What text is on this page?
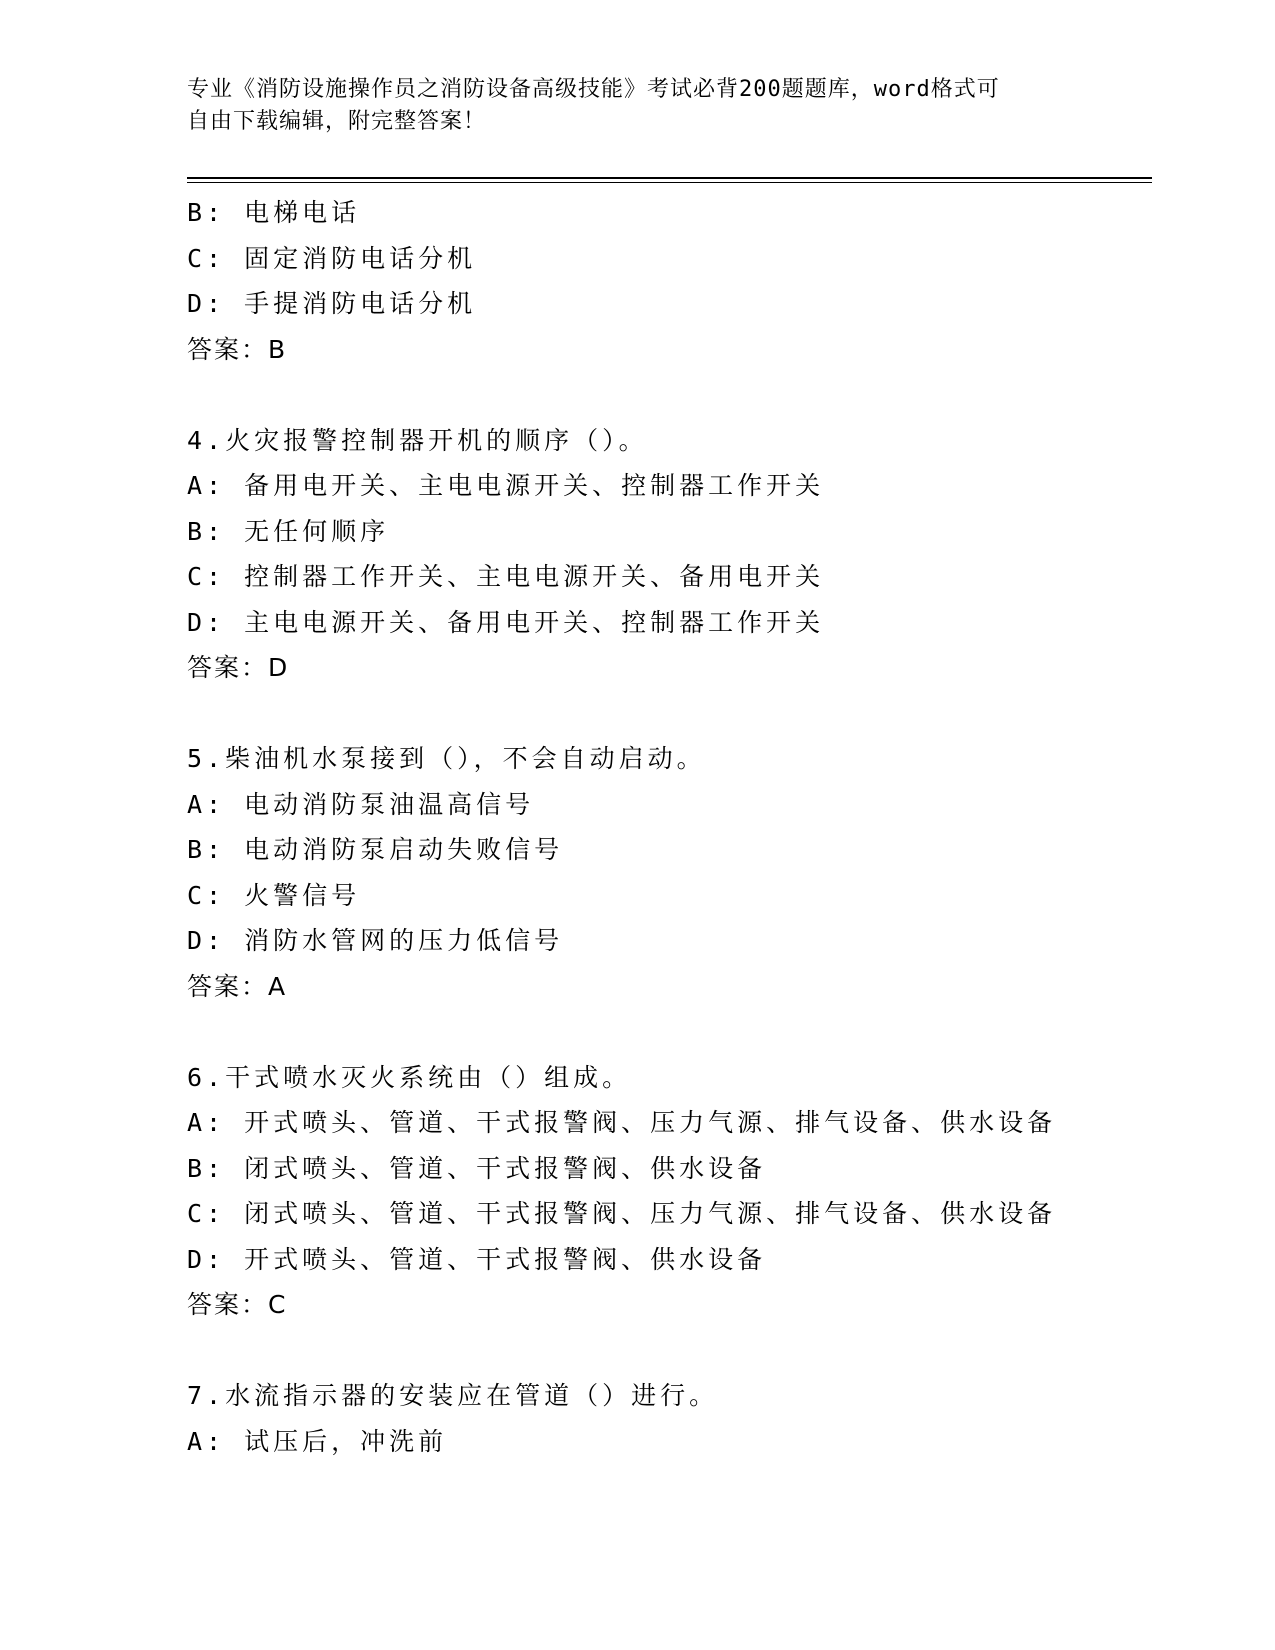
专业《消防设施操作员之消防设备高级技能》考试必背200题题库，word格式可
自由下载编辑，附完整答案！
B: 电梯电话
C: 固定消防电话分机
D: 手提消防电话分机
答案：B
4.火灾报警控制器开机的顺序（）。
A: 备用电开关、主电电源开关、控制器工作开关
B: 无任何顺序
C: 控制器工作开关、主电电源开关、备用电开关
D: 主电电源开关、备用电开关、控制器工作开关
答案：D
5.柴油机水泵接到（），不会自动启动。
A: 电动消防泵油温高信号
B: 电动消防泵启动失败信号
C: 火警信号
D: 消防水管网的压力低信号
答案：A
6.干式喷水灭火系统由（）组成。
A: 开式喷头、管道、干式报警阀、压力气源、排气设备、供水设备
B: 闭式喷头、管道、干式报警阀、供水设备
C: 闭式喷头、管道、干式报警阀、压力气源、排气设备、供水设备
D: 开式喷头、管道、干式报警阀、供水设备
答案：C
7.水流指示器的安装应在管道（）进行。
A: 试压后，冲洗前
